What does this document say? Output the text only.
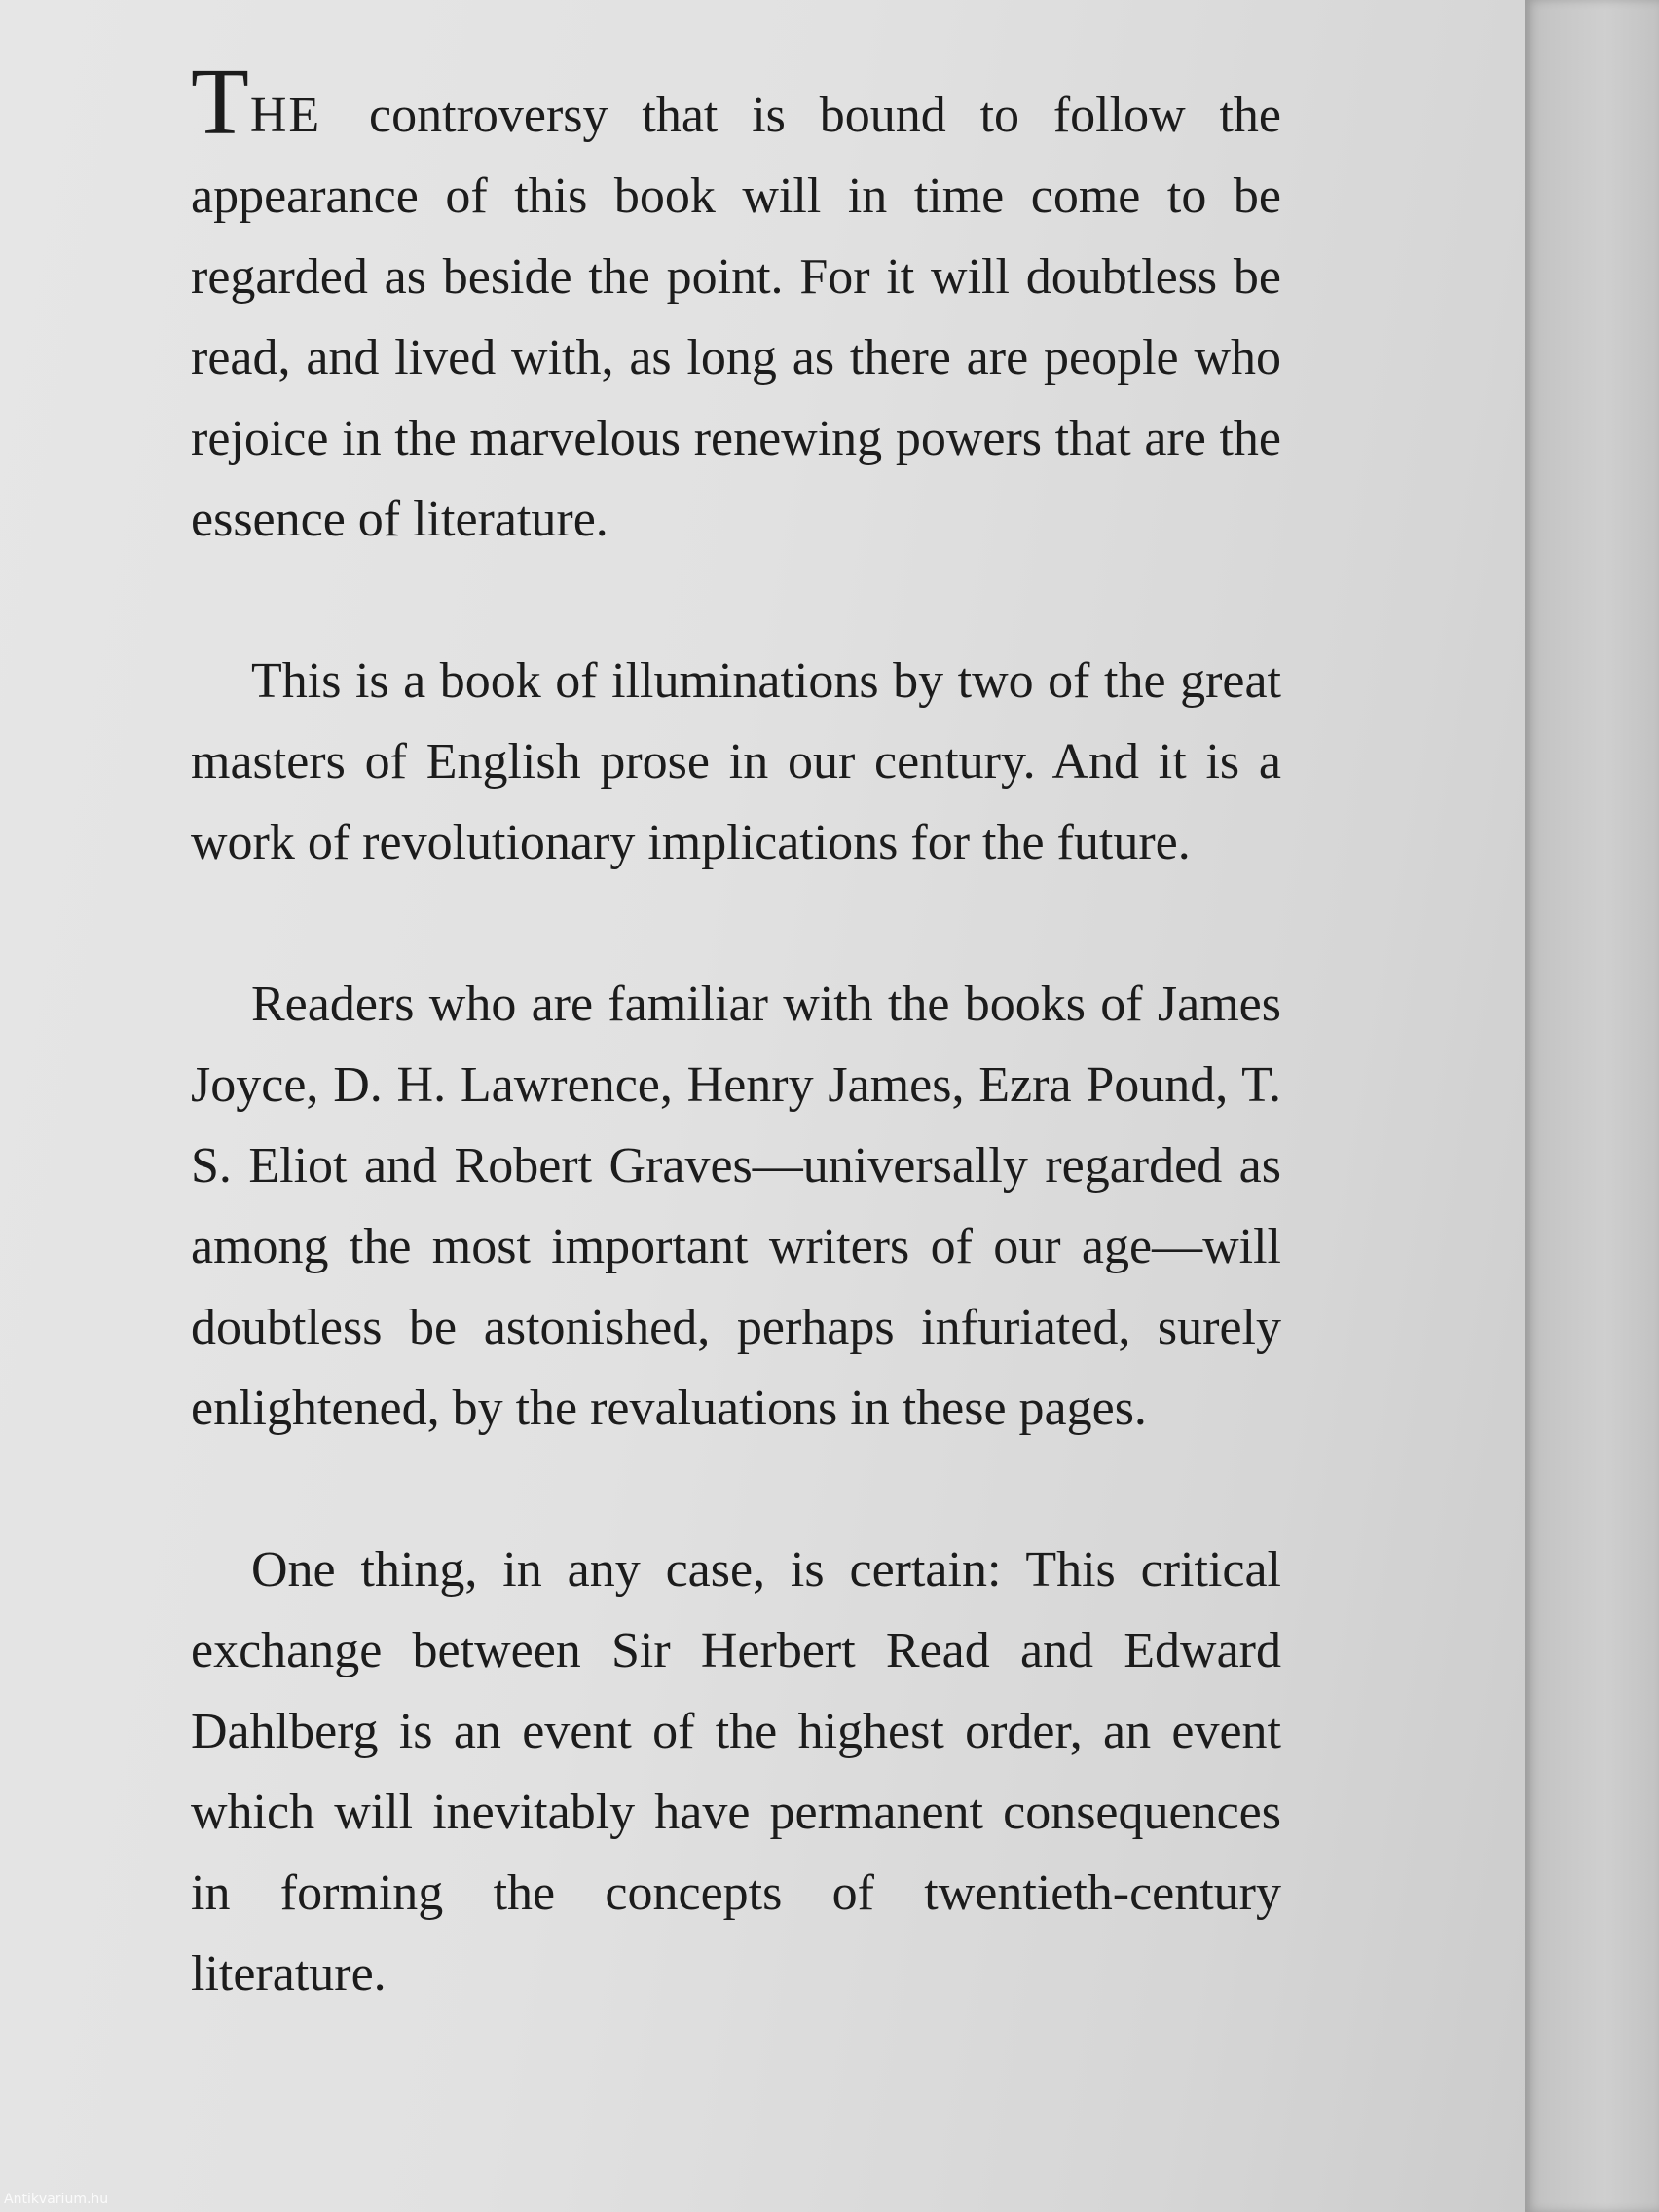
THE controversy that is bound to follow the appearance of this book will in time come to be regarded as beside the point. For it will doubtless be read, and lived with, as long as there are people who rejoice in the marvelous renewing powers that are the essence of literature.

This is a book of illuminations by two of the great masters of English prose in our century. And it is a work of revolutionary implications for the future.

Readers who are familiar with the books of James Joyce, D. H. Lawrence, Henry James, Ezra Pound, T. S. Eliot and Robert Graves—universally regarded as among the most important writers of our age—will doubtless be astonished, perhaps infuriated, surely enlightened, by the revaluations in these pages.

One thing, in any case, is certain: This critical exchange between Sir Herbert Read and Edward Dahlberg is an event of the highest order, an event which will inevitably have permanent consequences in forming the concepts of twentieth-century literature.

Antikvarium.hu
